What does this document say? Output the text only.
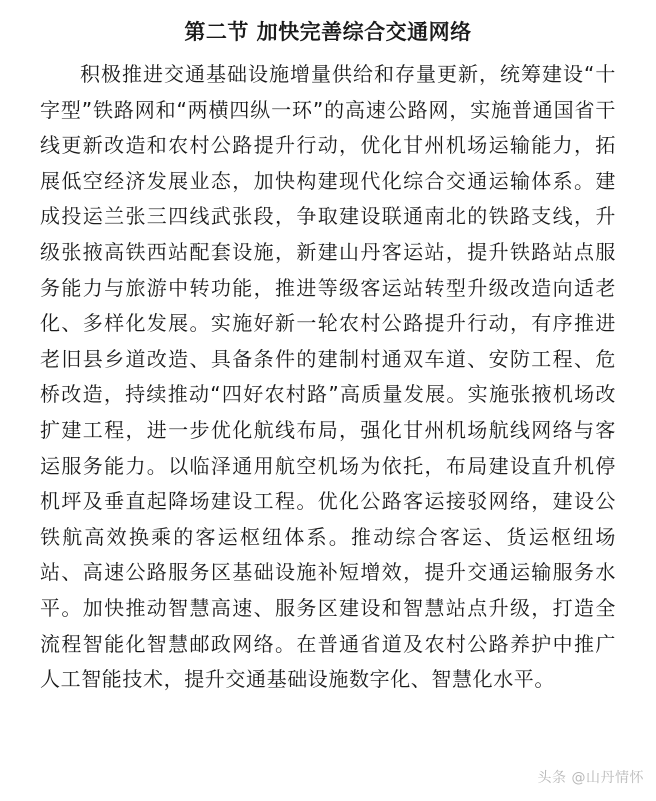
第二节 加快完善综合交通网络

积极推进交通基础设施增量供给和存量更新，统筹建设“十字型”铁路网和“两横四纵一环”的高速公路网，实施普通国省干线更新改造和农村公路提升行动，优化甘州机场运输能力，拓展低空经济发展业态，加快构建现代化综合交通运输体系。建成投运兰张三四线武张段，争取建设联通南北的铁路支线，升级张掖高铁西站配套设施，新建山丹客运站，提升铁路站点服务能力与旅游中转功能，推进等级客运站转型升级改造向适老化、多样化发展。实施好新一轮农村公路提升行动，有序推进老旧县乡道改造、具备条件的建制村通双车道、安防工程、危桥改造，持续推动“四好农村路”高质量发展。实施张掖机场改扩建工程，进一步优化航线布局，强化甘州机场航线网络与客运服务能力。以临泽通用航空机场为依托，布局建设直升机停机坪及垂直起降场建设工程。优化公路客运接驳网络，建设公铁航高效换乘的客运枢纽体系。推动综合客运、货运枢纽场站、高速公路服务区基础设施补短增效，提升交通运输服务水平。加快推动智慧高速、服务区建设和智慧站点升级，打造全流程智能化智慧邮政网络。在普通省道及农村公路养护中推广人工智能技术，提升交通基础设施数字化、智慧化水平。

头条 @山丹情怀
